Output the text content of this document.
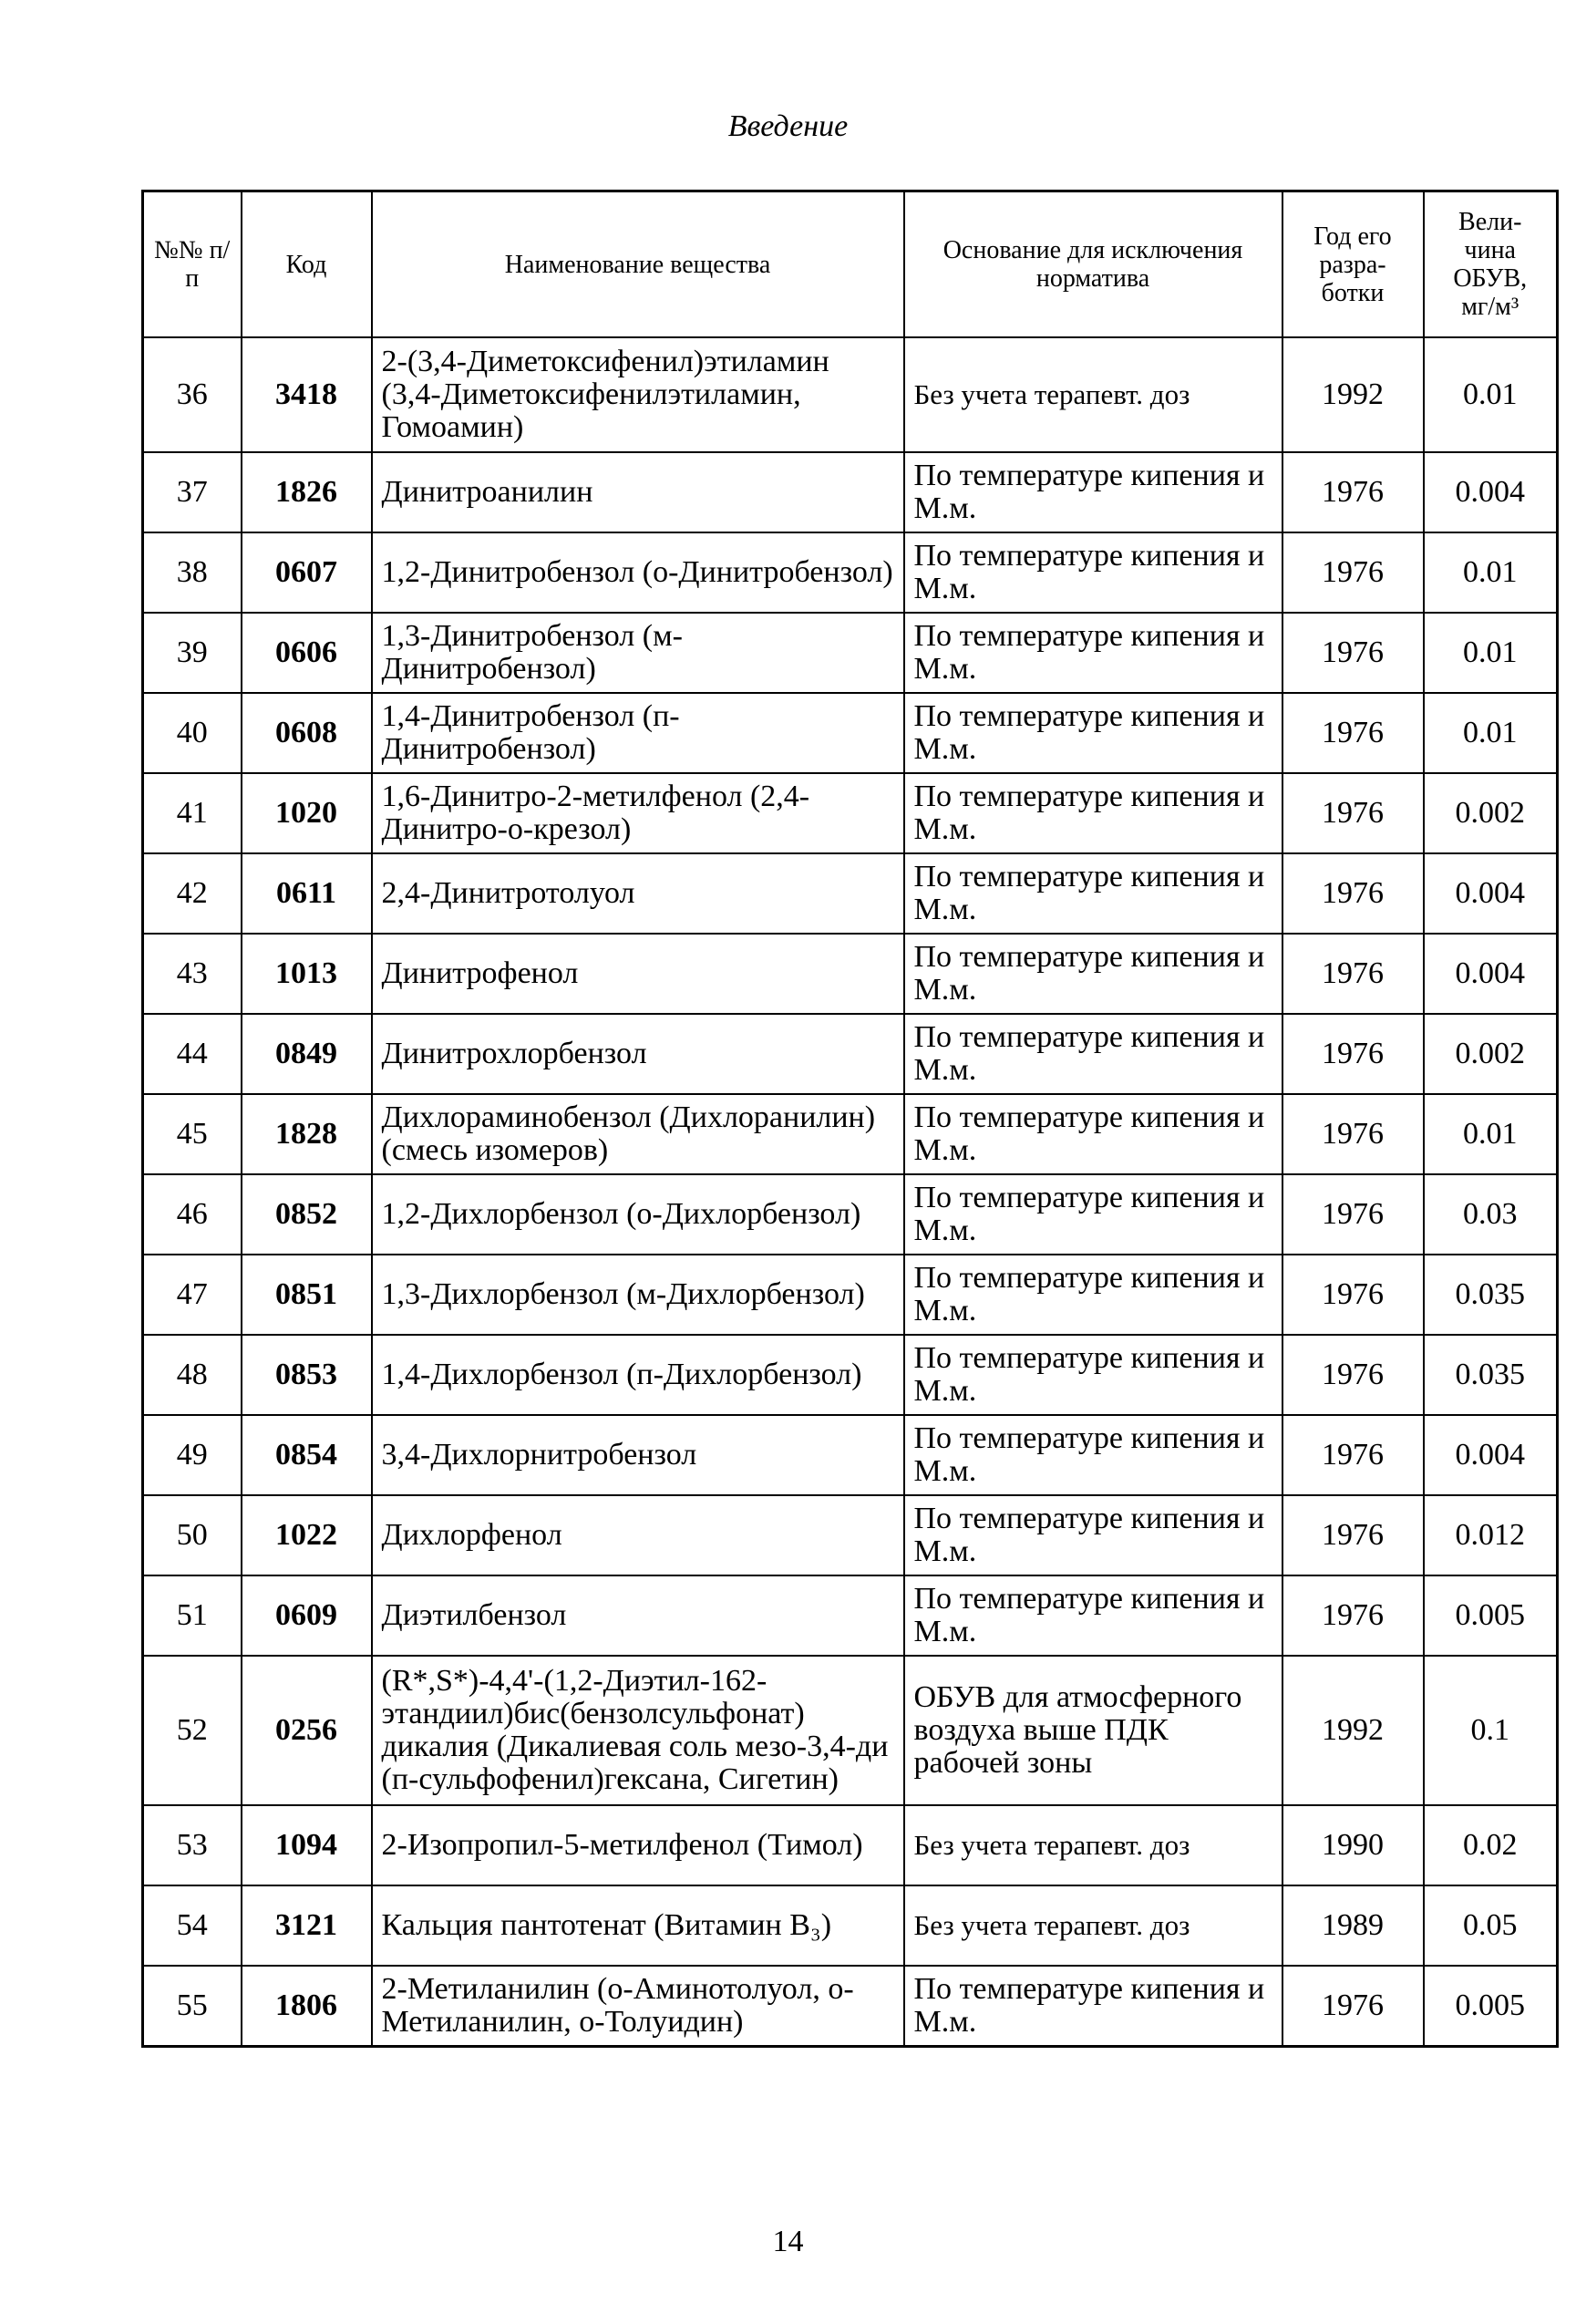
Введение
№№ п/п	Код	Наименование вещества	Основание для исключения норматива	Год его разра-ботки	Вели-чина ОБУВ, мг/м³
36	3418	2-(3,4-Диметоксифенил)этиламин (3,4-Диметоксифенилэтиламин, Гомоамин)	Без учета терапевт. доз	1992	0.01
37	1826	Динитроанилин	По температуре кипения и М.м.	1976	0.004
38	0607	1,2-Динитробензол (о-Динитробензол)	По температуре кипения и М.м.	1976	0.01
39	0606	1,3-Динитробензол (м-Динитробензол)	По температуре кипения и М.м.	1976	0.01
40	0608	1,4-Динитробензол (п-Динитробензол)	По температуре кипения и М.м.	1976	0.01
41	1020	1,6-Динитро-2-метилфенол (2,4-Динитро-о-крезол)	По температуре кипения и М.м.	1976	0.002
42	0611	2,4-Динитротолуол	По температуре кипения и М.м.	1976	0.004
43	1013	Динитрофенол	По температуре кипения и М.м.	1976	0.004
44	0849	Динитрохлорбензол	По температуре кипения и М.м.	1976	0.002
45	1828	Дихлораминобензол (Дихлоранилин) (смесь изомеров)	По температуре кипения и М.м.	1976	0.01
46	0852	1,2-Дихлорбензол (о-Дихлорбензол)	По температуре кипения и М.м.	1976	0.03
47	0851	1,3-Дихлорбензол (м-Дихлорбензол)	По температуре кипения и М.м.	1976	0.035
48	0853	1,4-Дихлорбензол (п-Дихлорбензол)	По температуре кипения и М.м.	1976	0.035
49	0854	3,4-Дихлорнитробензол	По температуре кипения и М.м.	1976	0.004
50	1022	Дихлорфенол	По температуре кипения и М.м.	1976	0.012
51	0609	Диэтилбензол	По температуре кипения и М.м.	1976	0.005
52	0256	(R*,S*)-4,4'-(1,2-Диэтил-162-этандиил)бис(бензолсульфонат) дикалия (Дикалиевая соль мезо-3,4-ди (п-сульфофенил)гексана, Сигетин)	ОБУВ для атмосферного воздуха выше ПДК рабочей зоны	1992	0.1
53	1094	2-Изопропил-5-метилфенол (Тимол)	Без учета терапевт. доз	1990	0.02
54	3121	Кальция пантотенат (Витамин В₃)	Без учета терапевт. доз	1989	0.05
55	1806	2-Метиланилин (о-Аминотолуол, о-Метиланилин, о-Толуидин)	По температуре кипения и М.м.	1976	0.005
14
